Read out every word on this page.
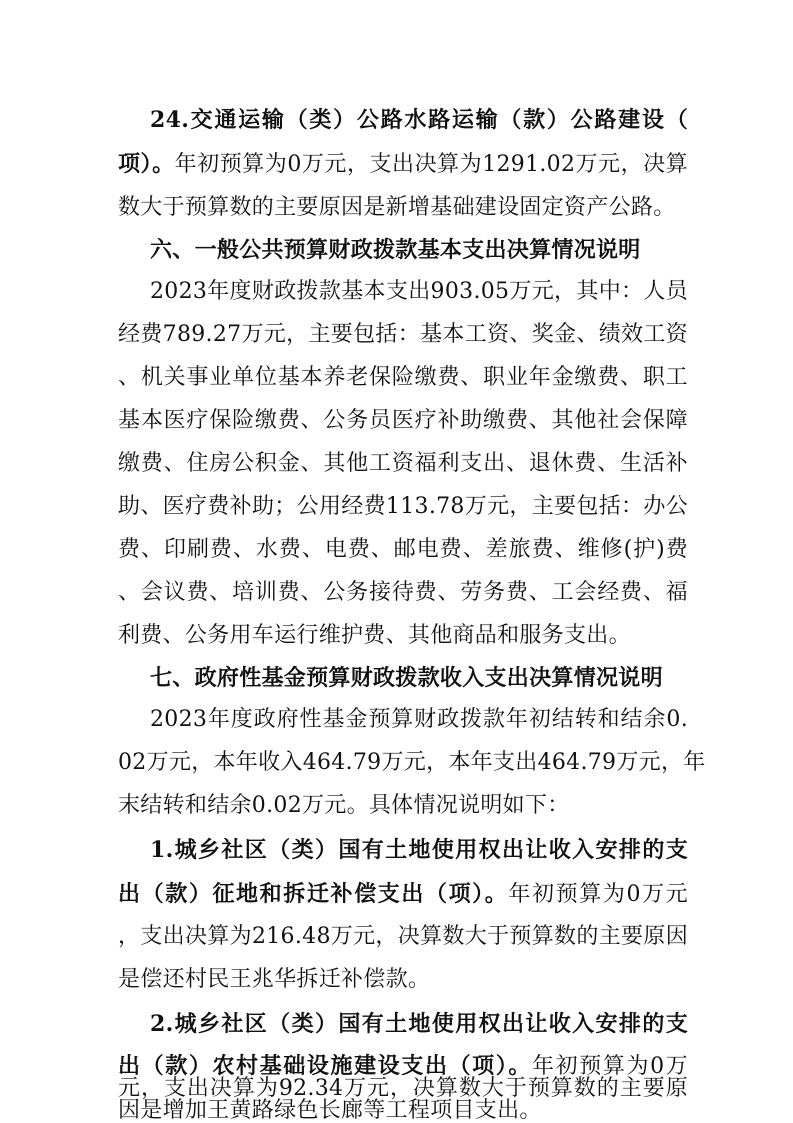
24.交通运输（类）公路水路运输（款）公路建设（
项）。年初预算为0万元，支出决算为1291.02万元，决算
数大于预算数的主要原因是新增基础建设固定资产公路。
六、一般公共预算财政拨款基本支出决算情况说明
2023年度财政拨款基本支出903.05万元，其中：人员
经费789.27万元，主要包括：基本工资、奖金、绩效工资
、机关事业单位基本养老保险缴费、职业年金缴费、职工
基本医疗保险缴费、公务员医疗补助缴费、其他社会保障
缴费、住房公积金、其他工资福利支出、退休费、生活补
助、医疗费补助；公用经费113.78万元，主要包括：办公
费、印刷费、水费、电费、邮电费、差旅费、维修(护)费
、会议费、培训费、公务接待费、劳务费、工会经费、福
利费、公务用车运行维护费、其他商品和服务支出。
七、政府性基金预算财政拨款收入支出决算情况说明
2023年度政府性基金预算财政拨款年初结转和结余0.
02万元，本年收入464.79万元，本年支出464.79万元，年
末结转和结余0.02万元。具体情况说明如下：
1.城乡社区（类）国有土地使用权出让收入安排的支
出（款）征地和拆迁补偿支出（项）。年初预算为0万元
，支出决算为216.48万元，决算数大于预算数的主要原因
是偿还村民王兆华拆迁补偿款。
2.城乡社区（类）国有土地使用权出让收入安排的支
出（款）农村基础设施建设支出（项）。年初预算为0万
元，支出决算为92.34万元，决算数大于预算数的主要原
因是增加王黄路绿色长廊等工程项目支出。
